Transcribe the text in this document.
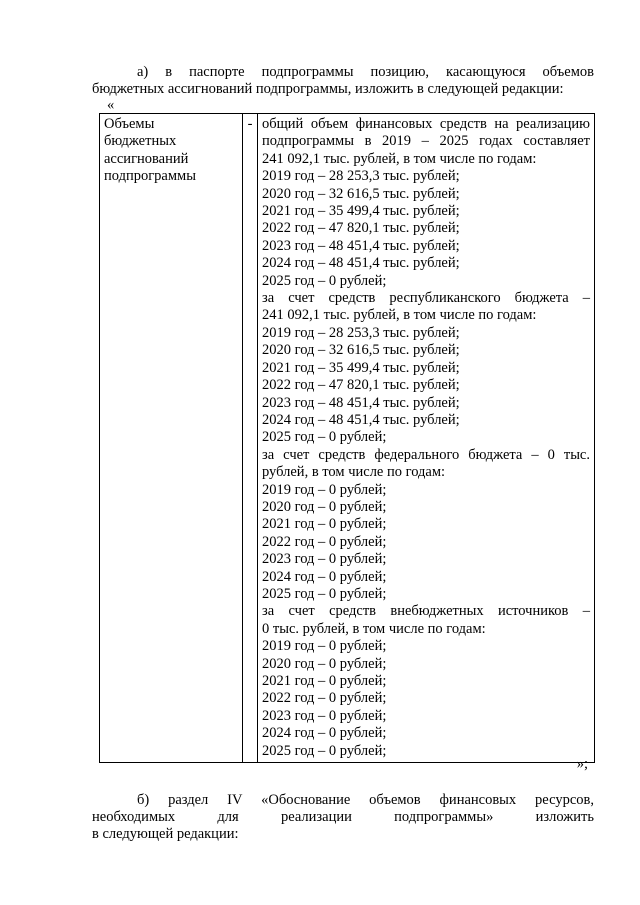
а) в паспорте подпрограммы позицию, касающуюся объемов
бюджетных ассигнований подпрограммы, изложить в следующей редакции:
«
Объемы
бюджетных
ассигнований
подпрограммы
	-	общий объем финансовых средств на реализацию
подпрограммы в 2019 – 2025 годах составляет
241 092,1 тыс. рублей, в том числе по годам:
2019 год – 28 253,3 тыс. рублей;
2020 год – 32 616,5 тыс. рублей;
2021 год – 35 499,4 тыс. рублей;
2022 год – 47 820,1 тыс. рублей;
2023 год – 48 451,4 тыс. рублей;
2024 год – 48 451,4 тыс. рублей;
2025 год – 0 рублей;
за счет средств республиканского бюджета –
241 092,1 тыс. рублей, в том числе по годам:
2019 год – 28 253,3 тыс. рублей;
2020 год – 32 616,5 тыс. рублей;
2021 год – 35 499,4 тыс. рублей;
2022 год – 47 820,1 тыс. рублей;
2023 год – 48 451,4 тыс. рублей;
2024 год – 48 451,4 тыс. рублей;
2025 год – 0 рублей;
за счет средств федерального бюджета – 0 тыс.
рублей, в том числе по годам:
2019 год – 0 рублей;
2020 год – 0 рублей;
2021 год – 0 рублей;
2022 год – 0 рублей;
2023 год – 0 рублей;
2024 год – 0 рублей;
2025 год – 0 рублей;
за счет средств внебюджетных источников –
0 тыс. рублей, в том числе по годам:
2019 год – 0 рублей;
2020 год – 0 рублей;
2021 год – 0 рублей;
2022 год – 0 рублей;
2023 год – 0 рублей;
2024 год – 0 рублей;
2025 год – 0 рублей;
»;
б) раздел IV «Обоснование объемов финансовых ресурсов,
необходимых для реализации подпрограммы» изложить
в следующей редакции:
